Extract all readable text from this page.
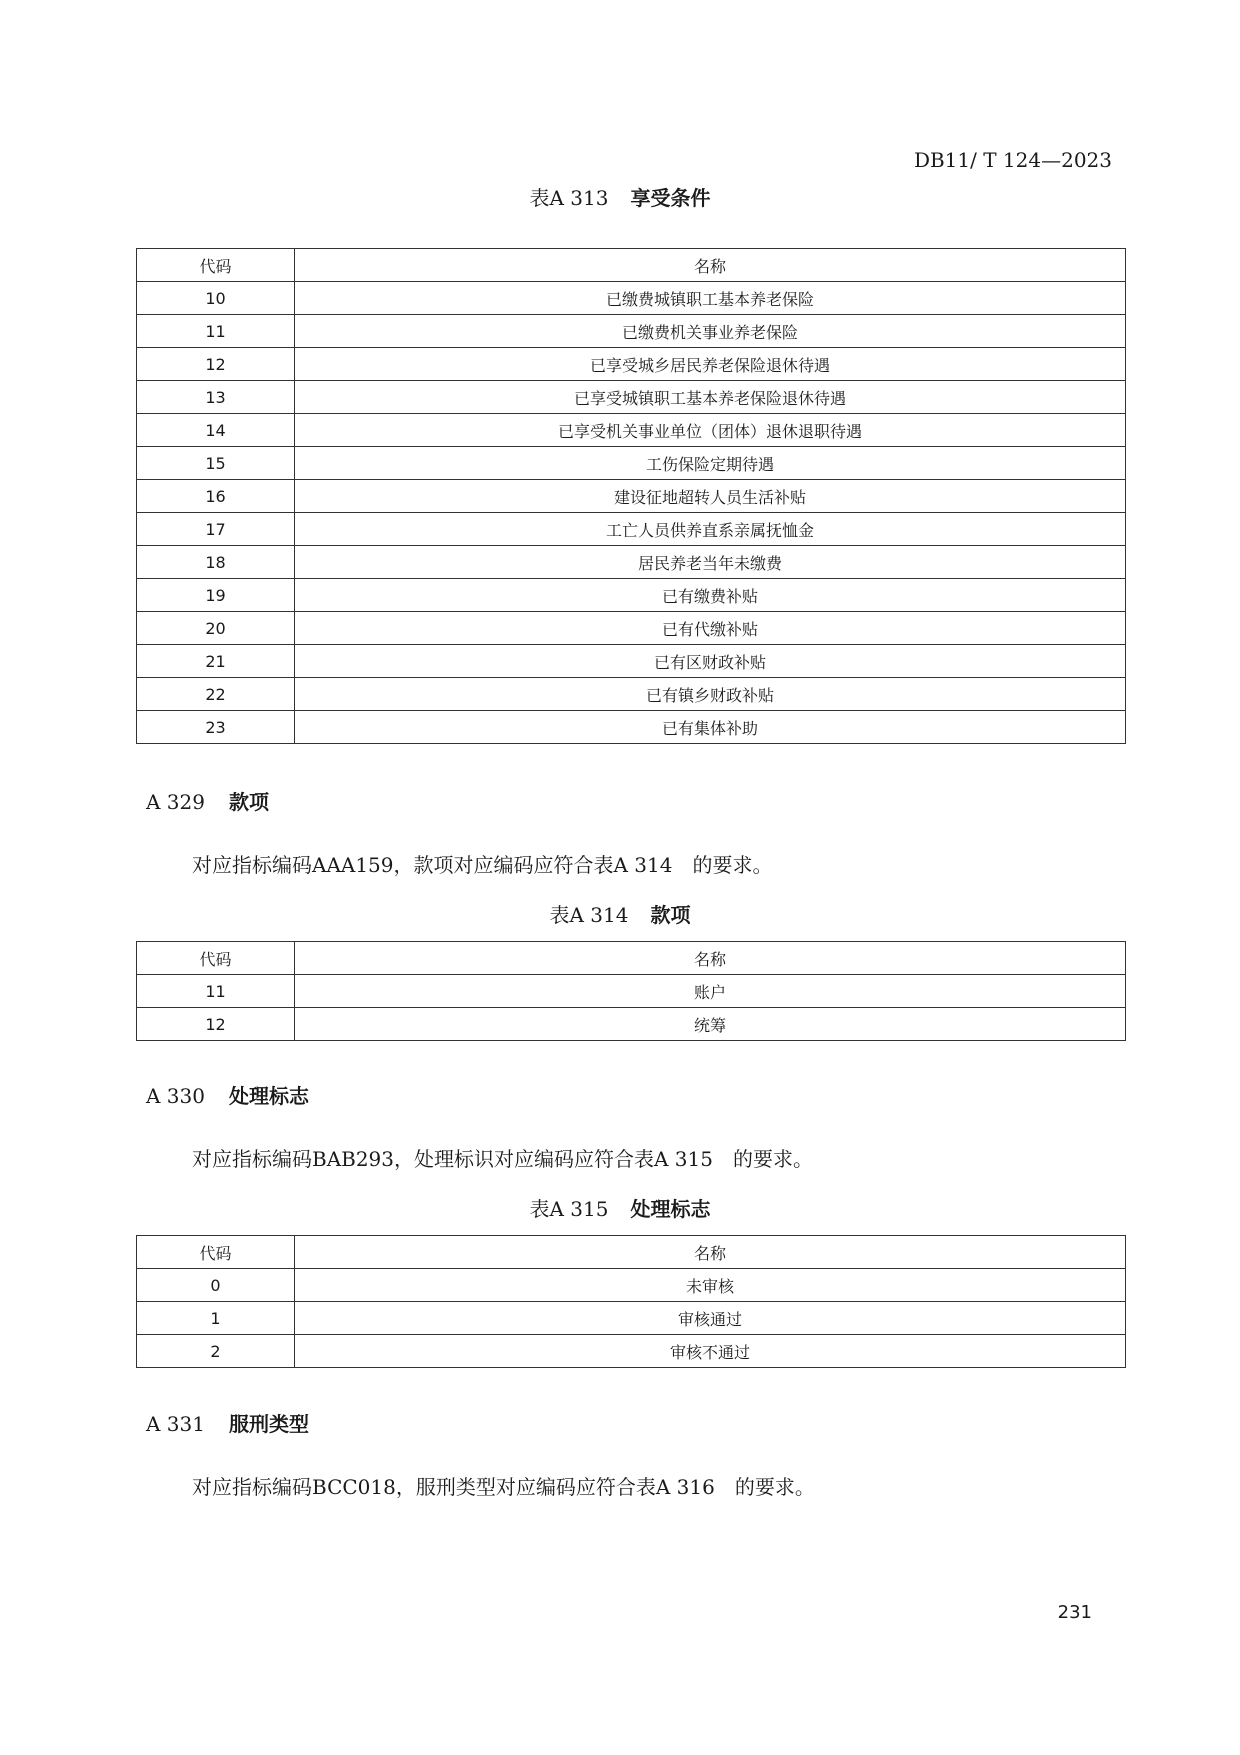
DB11/ T 124—2023
表A 313 享受条件
代码	名称
10	已缴费城镇职工基本养老保险
11	已缴费机关事业养老保险
12	已享受城乡居民养老保险退休待遇
13	已享受城镇职工基本养老保险退休待遇
14	已享受机关事业单位（团体）退休退职待遇
15	工伤保险定期待遇
16	建设征地超转人员生活补贴
17	工亡人员供养直系亲属抚恤金
18	居民养老当年未缴费
19	已有缴费补贴
20	已有代缴补贴
21	已有区财政补贴
22	已有镇乡财政补贴
23	已有集体补助
A 329 款项
对应指标编码AAA159，款项对应编码应符合表A 314　的要求。
表A 314 款项
代码	名称
11	账户
12	统筹
A 330 处理标志
对应指标编码BAB293，处理标识对应编码应符合表A 315　的要求。
表A 315 处理标志
代码	名称
0	未审核
1	审核通过
2	审核不通过
A 331 服刑类型
对应指标编码BCC018，服刑类型对应编码应符合表A 316　的要求。
231
